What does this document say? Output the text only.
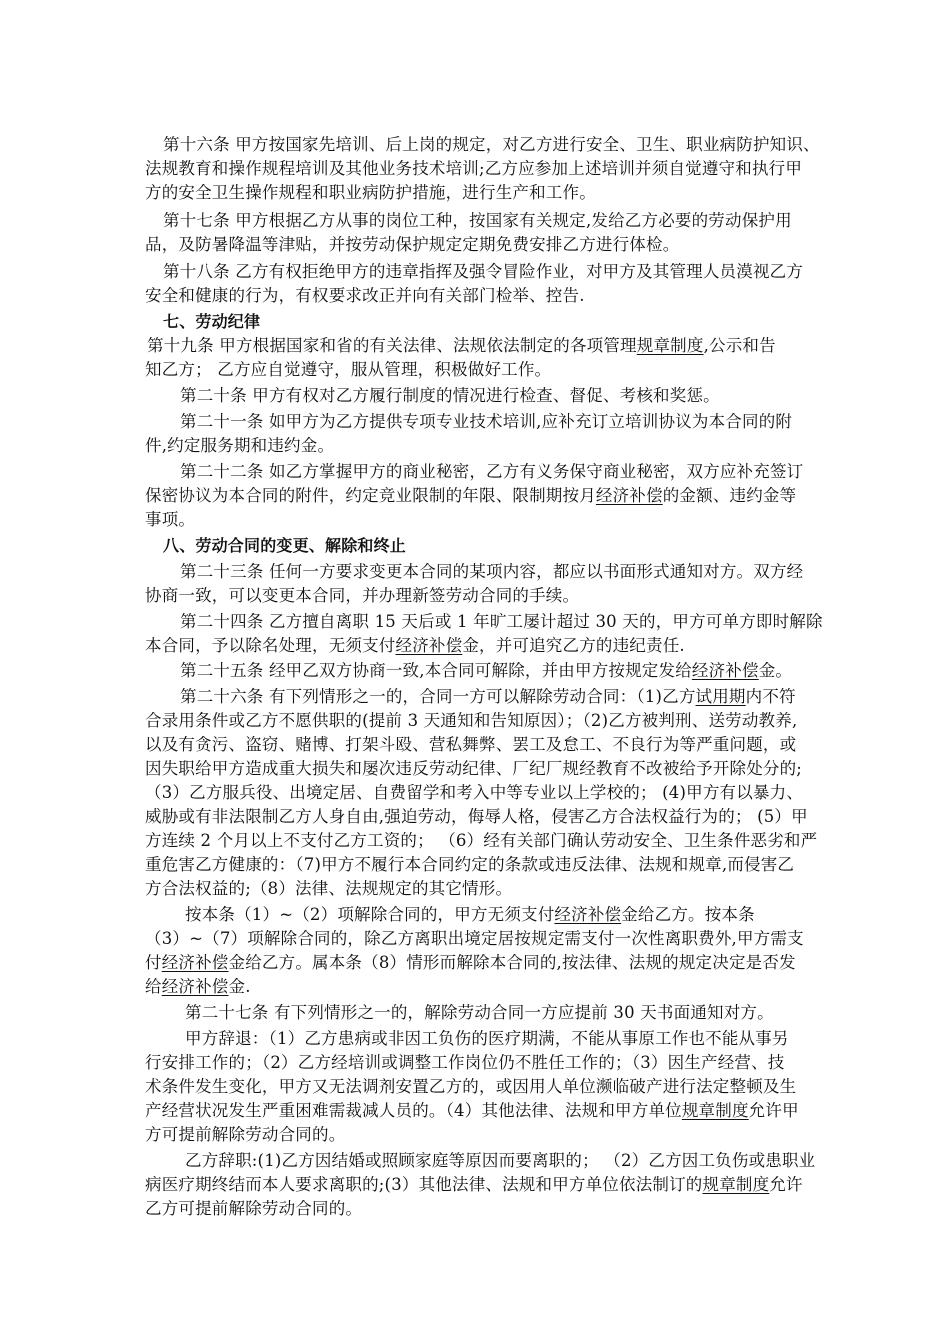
第十六条 甲方按国家先培训、后上岗的规定，对乙方进行安全、卫生、职业病防护知识、
法规教育和操作规程培训及其他业务技术培训;乙方应参加上述培训并须自觉遵守和执行甲
方的安全卫生操作规程和职业病防护措施，进行生产和工作。
第十七条 甲方根据乙方从事的岗位工种，按国家有关规定,发给乙方必要的劳动保护用
品，及防暑降温等津贴，并按劳动保护规定定期免费安排乙方进行体检。
第十八条 乙方有权拒绝甲方的违章指挥及强令冒险作业，对甲方及其管理人员漠视乙方
安全和健康的行为，有权要求改正并向有关部门检举、控告.
七、劳动纪律
第十九条 甲方根据国家和省的有关法律、法规依法制定的各项管理规章制度,公示和告
知乙方； 乙方应自觉遵守，服从管理，积极做好工作。
第二十条 甲方有权对乙方履行制度的情况进行检查、督促、考核和奖惩。
第二十一条 如甲方为乙方提供专项专业技术培训,应补充订立培训协议为本合同的附
件,约定服务期和违约金。
第二十二条 如乙方掌握甲方的商业秘密，乙方有义务保守商业秘密，双方应补充签订
保密协议为本合同的附件，约定竞业限制的年限、限制期按月经济补偿的金额、违约金等
事项。
八、劳动合同的变更、解除和终止
第二十三条 任何一方要求变更本合同的某项内容，都应以书面形式通知对方。双方经
协商一致，可以变更本合同，并办理新签劳动合同的手续。
第二十四条 乙方擅自离职 15 天后或 1 年旷工屡计超过 30 天的，甲方可单方即时解除
本合同，予以除名处理，无须支付经济补偿金，并可追究乙方的违纪责任.
第二十五条 经甲乙双方协商一致,本合同可解除，并由甲方按规定发给经济补偿金。
第二十六条 有下列情形之一的，合同一方可以解除劳动合同：（1)乙方试用期内不符
合录用条件或乙方不愿供职的(提前 3 天通知和告知原因）；（2)乙方被判刑、送劳动教养,
以及有贪污、盗窃、赌博、打架斗殴、营私舞弊、罢工及怠工、不良行为等严重问题，或
因失职给甲方造成重大损失和屡次违反劳动纪律、厂纪厂规经教育不改被给予开除处分的;
（3）乙方服兵役、出境定居、自费留学和考入中等专业以上学校的； (4)甲方有以暴力、
威胁或有非法限制乙方人身自由,强迫劳动，侮辱人格，侵害乙方合法权益行为的； (5）甲
方连续 2 个月以上不支付乙方工资的； （6）经有关部门确认劳动安全、卫生条件恶劣和严
重危害乙方健康的：（7)甲方不履行本合同约定的条款或违反法律、法规和规章,而侵害乙
方合法权益的;（8）法律、法规规定的其它情形。
按本条（1）~（2）项解除合同的，甲方无须支付经济补偿金给乙方。按本条
（3）~（7）项解除合同的，除乙方离职出境定居按规定需支付一次性离职费外,甲方需支
付经济补偿金给乙方。属本条（8）情形而解除本合同的,按法律、法规的规定决定是否发
给经济补偿金.
第二十七条 有下列情形之一的，解除劳动合同一方应提前 30 天书面通知对方。
甲方辞退：（1）乙方患病或非因工负伤的医疗期满，不能从事原工作也不能从事另
行安排工作的；（2）乙方经培训或调整工作岗位仍不胜任工作的；（3）因生产经营、技
术条件发生变化，甲方又无法调剂安置乙方的，或因用人单位濒临破产进行法定整顿及生
产经营状况发生严重困难需裁减人员的。（4）其他法律、法规和甲方单位规章制度允许甲
方可提前解除劳动合同的。
乙方辞职:(1)乙方因结婚或照顾家庭等原因而要离职的； （2）乙方因工负伤或患职业
病医疗期终结而本人要求离职的;(3）其他法律、法规和甲方单位依法制订的规章制度允许
乙方可提前解除劳动合同的。
